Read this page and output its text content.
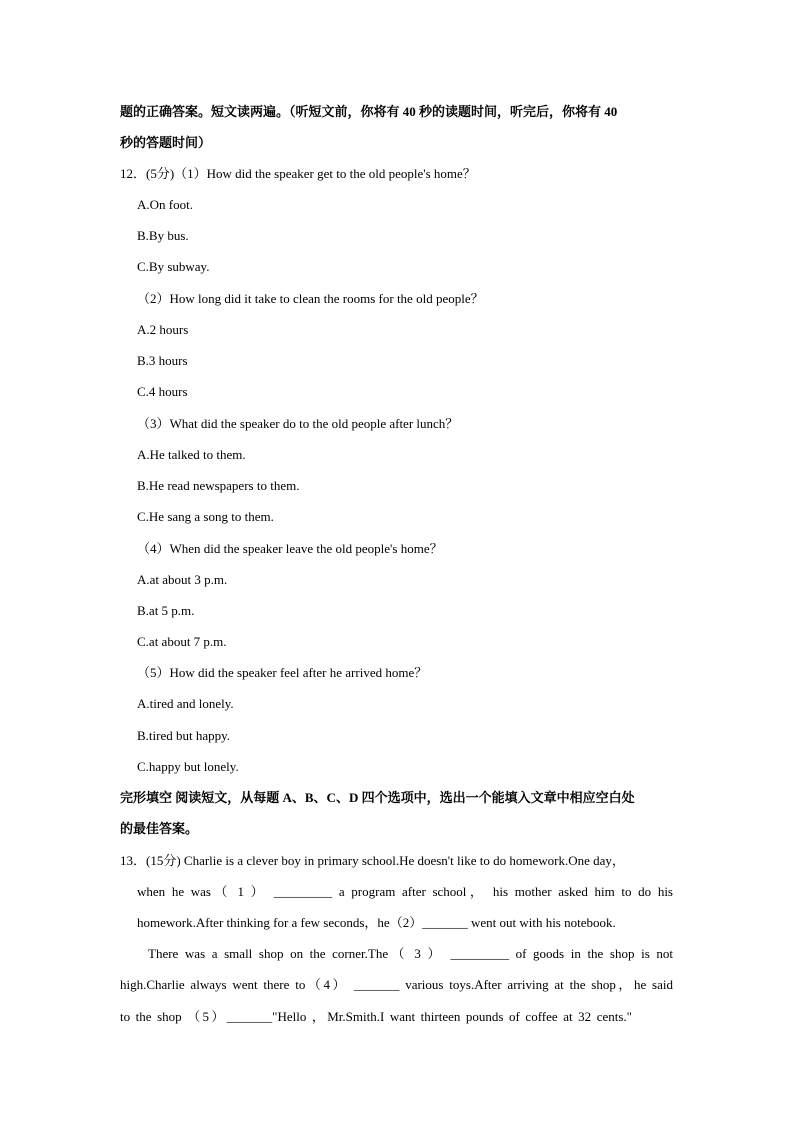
题的正确答案。短文读两遍。（听短文前，你将有 40 秒的读题时间，听完后，你将有 40
秒的答题时间）
12．(5分)（1）How did the speaker get to the old people's home？
A.On foot.
B.By bus.
C.By subway.
（2）How long did it take to clean the rooms for the old people？
A.2 hours
B.3 hours
C.4 hours
（3）What did the speaker do to the old people after lunch？
A.He talked to them.
B.He read newspapers to them.
C.He sang a song to them.
（4）When did the speaker leave the old people's home？
A.at about 3 p.m.
B.at 5 p.m.
C.at about 7 p.m.
（5）How did the speaker feel after he arrived home？
A.tired and lonely.
B.tired but happy.
C.happy but lonely.
完形填空 阅读短文，从每题 A、B、C、D 四个选项中，选出一个能填入文章中相应空白处
的最佳答案。
13．(15分) Charlie is a clever boy in primary school.He doesn't like to do homework.One day，
when he was（ 1 ） _________ a program after school， his mother asked him to do his
homework.After thinking for a few seconds，he（2）_______ went out with his notebook.
There was a small shop on the corner.The（ 3 ） _________ of goods in the shop is not
high.Charlie always went there to（4） _______ various toys.After arriving at the shop，he said
to the shop （5）_______"Hello ，Mr.Smith.I want thirteen pounds of coffee at 32 cents."
